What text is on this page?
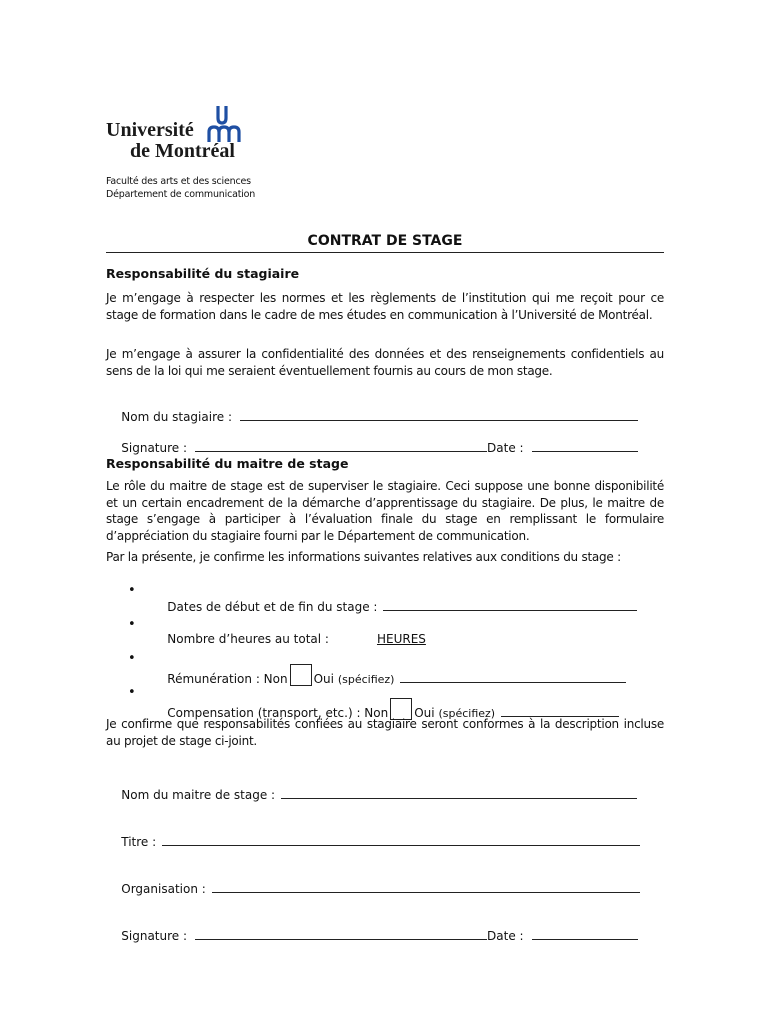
Université
de Montréal
Faculté des arts et des sciences
Département de communication
CONTRAT DE STAGE
Responsabilité du stagiaire
Je m’engage à respecter les normes et les règlements de l’institution qui me reçoit pour ce stage de formation dans le cadre de mes études en communication à l’Université de Montréal.
Je m’engage à assurer la confidentialité des données et des renseignements confidentiels au sens de la loi qui me seraient éventuellement fournis au cours de mon stage.

Nom du stagiaire :

Signature :	Date :

Responsabilité du maitre de stage
Le rôle du maitre de stage est de superviser le stagiaire. Ceci suppose une bonne disponibilité et un certain encadrement de la démarche d’apprentissage du stagiaire. De plus, le maitre de stage s’engage à participer à l’évaluation finale du stage en remplissant le formulaire d’appréciation du stagiaire fourni par le Département de communication.
Par la présente, je confirme les informations suivantes relatives aux conditions du stage :
•

Dates de début et de fin du stage :

•

Nombre d’heures au total :	HEURES

•

Rémunération : Non Oui (spécifiez)

•

Compensation (transport, etc.) : Non Oui (spécifiez)

Je confirme que responsabilités confiées au stagiaire seront conformes à la description incluse au projet de stage ci-joint.

Nom du maitre de stage :

Titre :

Organisation :

Signature :	Date :
